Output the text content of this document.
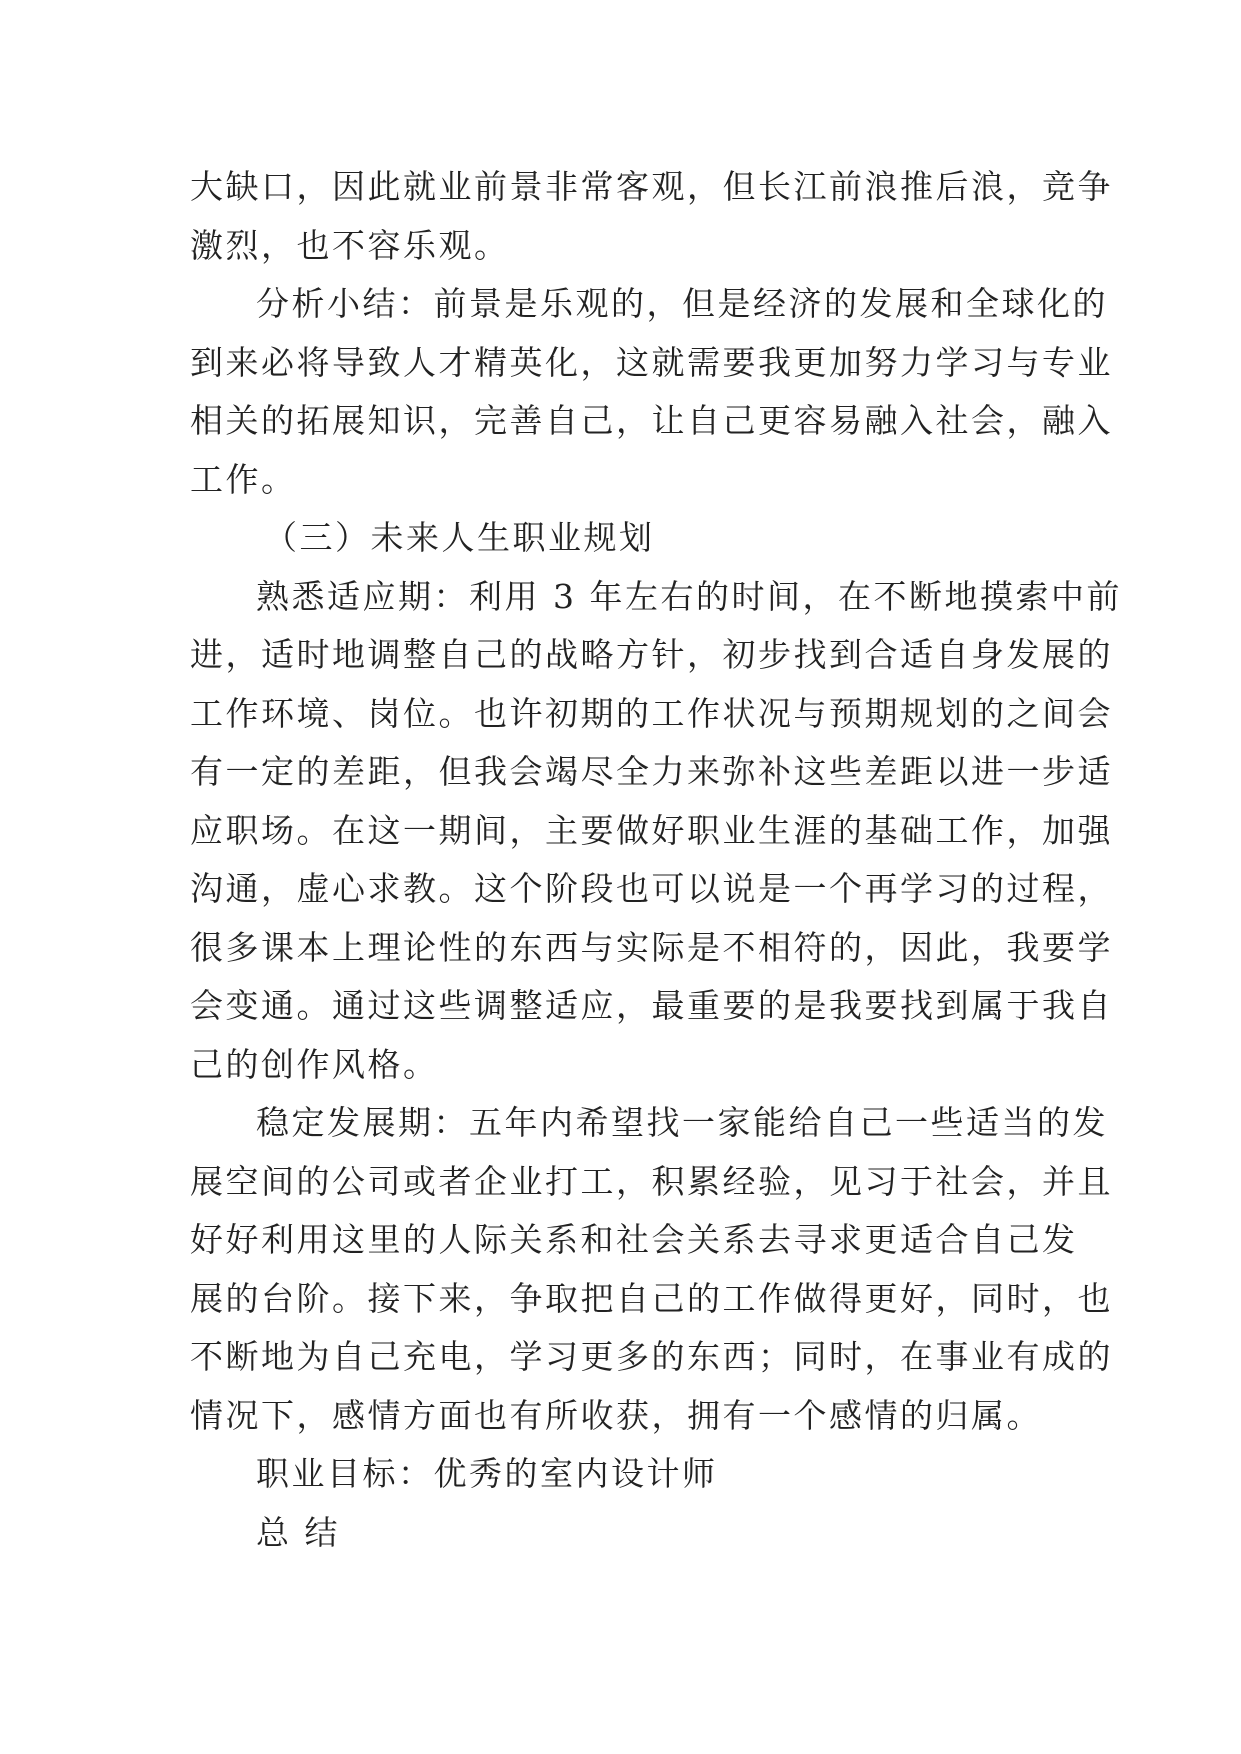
大缺口，因此就业前景非常客观，但长江前浪推后浪，竞争
激烈，也不容乐观。
分析小结：前景是乐观的，但是经济的发展和全球化的
到来必将导致人才精英化，这就需要我更加努力学习与专业
相关的拓展知识，完善自己，让自己更容易融入社会，融入
工作。
（三）未来人生职业规划
熟悉适应期：利用 3 年左右的时间，在不断地摸索中前
进，适时地调整自己的战略方针，初步找到合适自身发展的
工作环境、岗位。也许初期的工作状况与预期规划的之间会
有一定的差距，但我会竭尽全力来弥补这些差距以进一步适
应职场。在这一期间，主要做好职业生涯的基础工作，加强
沟通，虚心求教。这个阶段也可以说是一个再学习的过程，
很多课本上理论性的东西与实际是不相符的，因此，我要学
会变通。通过这些调整适应，最重要的是我要找到属于我自
己的创作风格。
稳定发展期：五年内希望找一家能给自己一些适当的发
展空间的公司或者企业打工，积累经验，见习于社会，并且
好好利用这里的人际关系和社会关系去寻求更适合自己发
展的台阶。接下来，争取把自己的工作做得更好，同时，也
不断地为自己充电，学习更多的东西；同时，在事业有成的
情况下，感情方面也有所收获，拥有一个感情的归属。
职业目标：优秀的室内设计师
总 结
